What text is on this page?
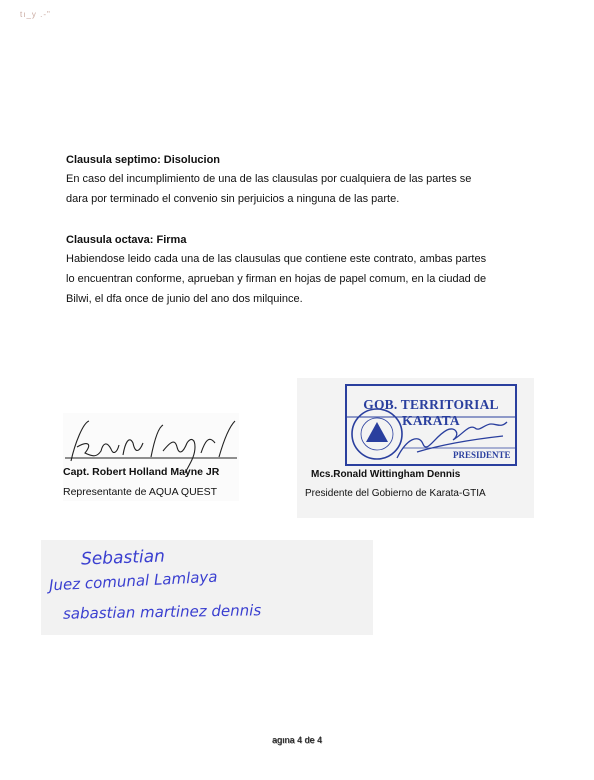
tı_y .-"
Clausula septimo: Disolucion

En caso del incumplimiento de una de las clausulas por cualquiera de las partes se

dara por terminado el convenio sin perjuicios a ninguna de las parte.

Clausula octava: Firma

Habiendose leido cada una de las clausulas que contiene este contrato, ambas partes

lo encuentran conforme, aprueban y firman en hojas de papel comum, en la ciudad de

Bilwi, el dfa once de junio del ano dos milquince.

Capt. Robert Holland Mayne JR
Representante de AQUA QUEST
GOB. TERRITORIAL KARATA
PRESIDENTE
Mcs.Ronald Wittingham Dennis
Presidente del Gobierno de Karata-GTIA
Sebastian
Juez comunal Lamlaya
sabastian martinez dennis
agına 4 de 4
